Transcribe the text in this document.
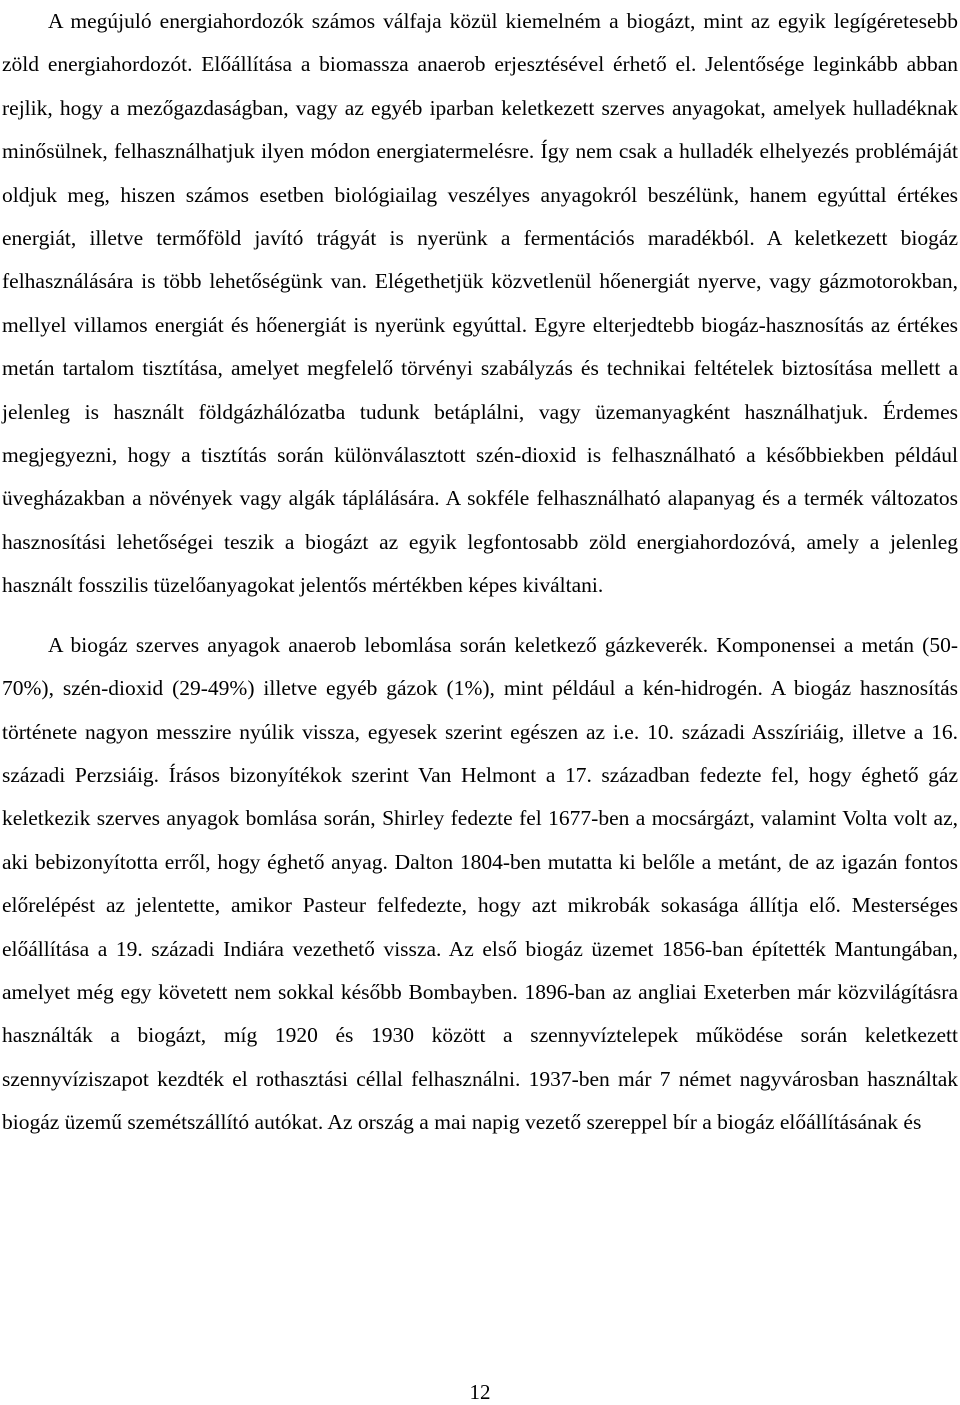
A megújuló energiahordozók számos válfaja közül kiemelném a biogázt, mint az egyik legígéretesebb zöld energiahordozót. Előállítása a biomassza anaerob erjesztésével érhető el. Jelentősége leginkább abban rejlik, hogy a mezőgazdaságban, vagy az egyéb iparban keletkezett szerves anyagokat, amelyek hulladéknak minősülnek, felhasználhatjuk ilyen módon energiatermelésre. Így nem csak a hulladék elhelyezés problémáját oldjuk meg, hiszen számos esetben biológiailag veszélyes anyagokról beszélünk, hanem egyúttal értékes energiát, illetve termőföld javító trágyát is nyerünk a fermentációs maradékból. A keletkezett biogáz felhasználására is több lehetőségünk van. Elégethetjük közvetlenül hőenergiát nyerve, vagy gázmotorokban, mellyel villamos energiát és hőenergiát is nyerünk egyúttal. Egyre elterjedtebb biogáz-hasznosítás az értékes metán tartalom tisztítása, amelyet megfelelő törvényi szabályzás és technikai feltételek biztosítása mellett a jelenleg is használt földgázhálózatba tudunk betáplálni, vagy üzemanyagként használhatjuk. Érdemes megjegyezni, hogy a tisztítás során különválasztott szén-dioxid is felhasználható a későbbiekben például üvegházakban a növények vagy algák táplálására. A sokféle felhasználható alapanyag és a termék változatos hasznosítási lehetőségei teszik a biogázt az egyik legfontosabb zöld energiahordozóvá, amely a jelenleg használt fosszilis tüzelőanyagokat jelentős mértékben képes kiváltani.

A biogáz szerves anyagok anaerob lebomlása során keletkező gázkeverék. Komponensei a metán (50-70%), szén-dioxid (29-49%) illetve egyéb gázok (1%), mint például a kén-hidrogén. A biogáz hasznosítás története nagyon messzire nyúlik vissza, egyesek szerint egészen az i.e. 10. századi Asszíriáig, illetve a 16. századi Perzsiáig. Írásos bizonyítékok szerint Van Helmont a 17. században fedezte fel, hogy éghető gáz keletkezik szerves anyagok bomlása során, Shirley fedezte fel 1677-ben a mocsárgázt, valamint Volta volt az, aki bebizonyította erről, hogy éghető anyag. Dalton 1804-ben mutatta ki belőle a metánt, de az igazán fontos előrelépést az jelentette, amikor Pasteur felfedezte, hogy azt mikrobák sokasága állítja elő. Mesterséges előállítása a 19. századi Indiára vezethető vissza. Az első biogáz üzemet 1856-ban építették Mantungában, amelyet még egy követett nem sokkal később Bombayben. 1896-ban az angliai Exeterben már közvilágításra használták a biogázt, míg 1920 és 1930 között a szennyvíztelepek működése során keletkezett szennyvíziszapot kezdték el rothasztási céllal felhasználni. 1937-ben már 7 német nagyvárosban használtak biogáz üzemű szemétszállító autókat. Az ország a mai napig vezető szereppel bír a biogáz előállításának és

12
